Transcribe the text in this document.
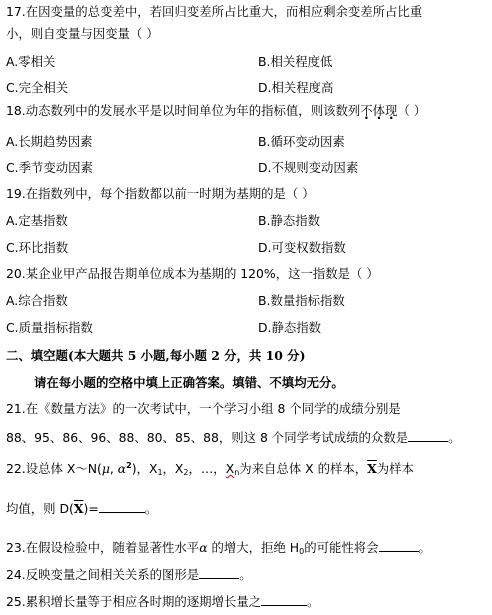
17.在因变量的总变差中，若回归变差所占比重大，而相应剩余变差所占比重
小，则自变量与因变量（ ）
A.零相关	B.相关程度低
C.完全相关	D.相关程度高
18.动态数列中的发展水平是以时间单位为年的指标值，则该数列不体现（ ）
A.长期趋势因素	B.循环变动因素
C.季节变动因素	D.不规则变动因素
19.在指数列中，每个指数都以前一时期为基期的是（ ）
A.定基指数	B.静态指数
C.环比指数	D.可变权数指数
20.某企业甲产品报告期单位成本为基期的 120%，这一指数是（ ）
A.综合指数	B.数量指标指数
C.质量指标指数	D.静态指数
二、填空题(本大题共 5 小题,每小题 2 分，共 10 分)
请在每小题的空格中填上正确答案。填错、不填均无分。
21.在《数量方法》的一次考试中，一个学习小组 8 个同学的成绩分别是
88、95、86、96、88、80、85、88，则这 8 个同学考试成绩的众数是	。
22.设总体 X～N(μ, $\alpha^2$)，$X_1$，$X_2$，…，$X_n$为来自总体 X 的样本，$\overline{X}$为样本
均值，则 $D(\overline{X})=$	。
23.在假设检验中，随着显著性水平α 的增大，拒绝 $H_0$的可能性将会	。
24.反映变量之间相关关系的图形是	。
25.累积增长量等于相应各时期的逐期增长量之	。
